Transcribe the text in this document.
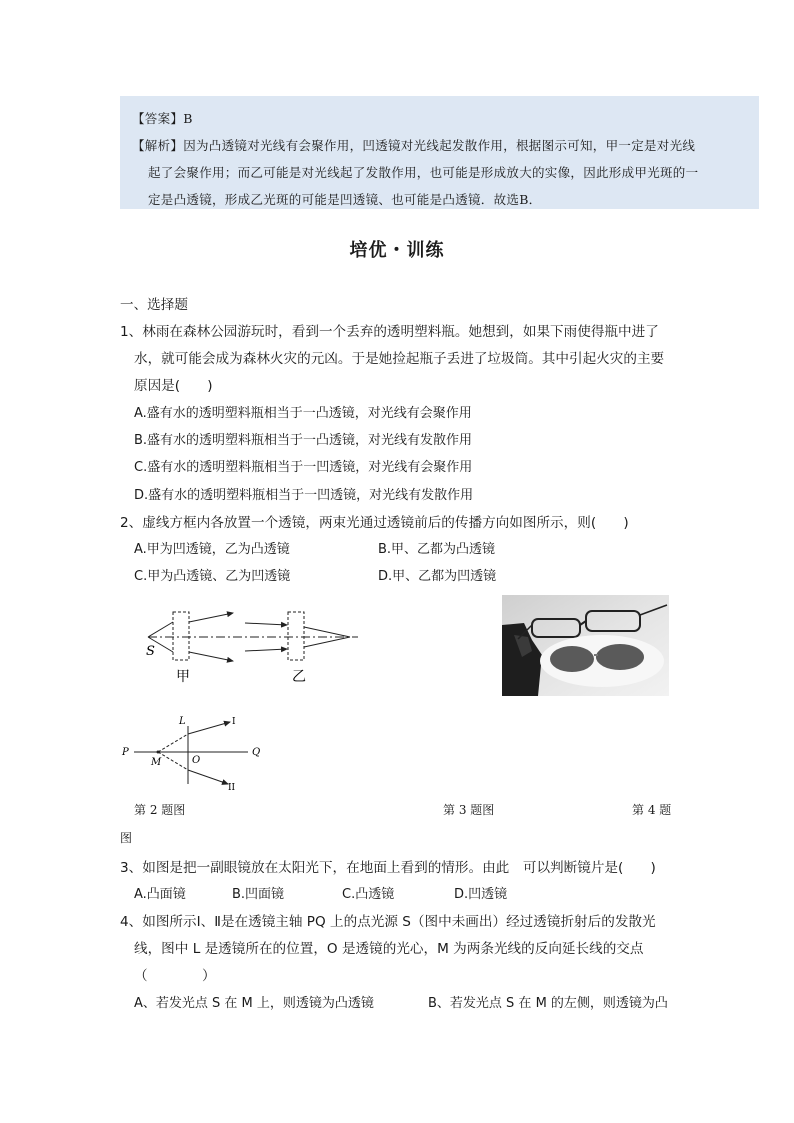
【答案】B
【解析】因为凸透镜对光线有会聚作用，凹透镜对光线起发散作用，根据图示可知，甲一定是对光线
起了会聚作用；而乙可能是对光线起了发散作用，也可能是形成放大的实像，因此形成甲光斑的一
定是凸透镜，形成乙光斑的可能是凹透镜、也可能是凸透镜．故选B．
培优・训练
一、选择题
1、林雨在森林公园游玩时，看到一个丢弃的透明塑料瓶。她想到，如果下雨使得瓶中进了
水，就可能会成为森林火灾的元凶。于是她捡起瓶子丢进了垃圾筒。其中引起火灾的主要
原因是(　　)
A.盛有水的透明塑料瓶相当于一凸透镜，对光线有会聚作用
B.盛有水的透明塑料瓶相当于一凸透镜，对光线有发散作用
C.盛有水的透明塑料瓶相当于一凹透镜，对光线有会聚作用
D.盛有水的透明塑料瓶相当于一凹透镜，对光线有发散作用
2、虚线方框内各放置一个透镜，两束光通过透镜前后的传播方向如图所示，则(　　)
A.甲为凹透镜，乙为凸透镜	B.甲、乙都为凸透镜
C.甲为凸透镜、乙为凹透镜	D.甲、乙都为凹透镜
S
甲	乙
L
P
M	O
Q
I
II
第 2 题图	第 3 题图	第 4 题
图
3、如图是把一副眼镜放在太阳光下，在地面上看到的情形。由此　可以判断镜片是(　　)
A.凸面镜	B.凹面镜	C.凸透镜	D.凹透镜
4、如图所示Ⅰ、Ⅱ是在透镜主轴 PQ 上的点光源 S（图中未画出）经过透镜折射后的发散光
线，图中 L 是透镜所在的位置，O 是透镜的光心，M 为两条光线的反向延长线的交点
（　　　　）
A、若发光点 S 在 M 上，则透镜为凸透镜	B、若发光点 S 在 M 的左侧，则透镜为凸
